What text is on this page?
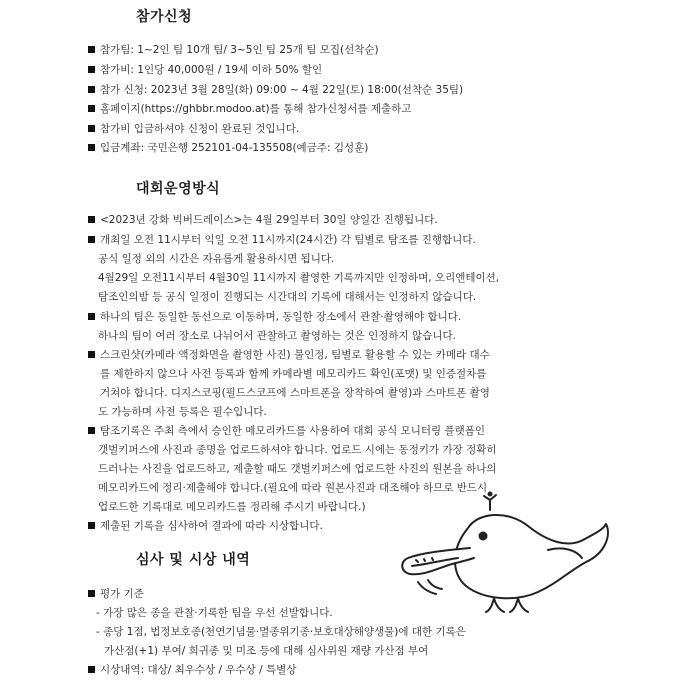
참가신청
참가팀: 1~2인 팀 10개 팀/ 3~5인 팀 25개 팀 모집(선착순)
참가비: 1인당 40,000원 / 19세 이하 50% 할인
참가 신청: 2023년 3월 28일(화) 09:00 ~ 4월 22일(토) 18:00(선착순 35팀)
홈페이지(https://ghbbr.modoo.at)를 통해 참가신청서를 제출하고
참가비 입금하셔야 신청이 완료된 것입니다.
입금계좌: 국민은행 252101-04-135508(예금주: 김성훈)
대회운영방식
<2023년 강화 빅버드레이스>는 4월 29일부터 30일 양일간 진행됩니다.
개최일 오전 11시부터 익일 오전 11시까지(24시간) 각 팀별로 탐조를 진행합니다.
공식 일정 외의 시간은 자유롭게 활용하시면 됩니다.
4월29일 오전11시부터 4월30일 11시까지 촬영한 기록까지만 인정하며, 오리엔테이션,
탐조인의밤 등 공식 일정이 진행되는 시간대의 기록에 대해서는 인정하지 않습니다.
하나의 팀은 동일한 동선으로 이동하며, 동일한 장소에서 관찰·촬영해야 합니다.
하나의 팀이 여러 장소로 나뉘어서 관찰하고 촬영하는 것은 인정하지 않습니다.
스크린샷(카메라 액정화면을 촬영한 사진) 불인정, 팀별로 활용할 수 있는 카메라 대수
를 제한하지 않으나 사전 등록과 함께 카메라별 메모리카드 확인(포맷) 및 인증절차를
거쳐야 합니다. 디지스코핑(필드스코프에 스마트폰을 장착하여 촬영)과 스마트폰 촬영
도 가능하며 사전 등록은 필수입니다.
탐조기록은 주최 측에서 승인한 메모리카드를 사용하여 대회 공식 모니터링 플랫폼인
갯벌키퍼스에 사진과 종명을 업로드하셔야 합니다. 업로드 시에는 동정키가 가장 정확히
드러나는 사진을 업로드하고, 제출할 때도 갯벌키퍼스에 업로드한 사진의 원본을 하나의
메모리카드에 정리·제출해야 합니다.(필요에 따라 원본사진과 대조해야 하므로 반드시
업로드한 기록대로 메모리카드를 정리해 주시기 바랍니다.)
제출된 기록을 심사하여 결과에 따라 시상합니다.
심사 및 시상 내역
평가 기준
- 가장 많은 종을 관찰·기록한 팀을 우선 선발합니다.
- 종당 1점, 법정보호종(천연기념물·멸종위기종·보호대상해양생물)에 대한 기록은
가산점(+1) 부여/ 희귀종 및 미조 등에 대해 심사위원 재량 가산점 부여
시상내역: 대상/ 최우수상 / 우수상 / 특별상
